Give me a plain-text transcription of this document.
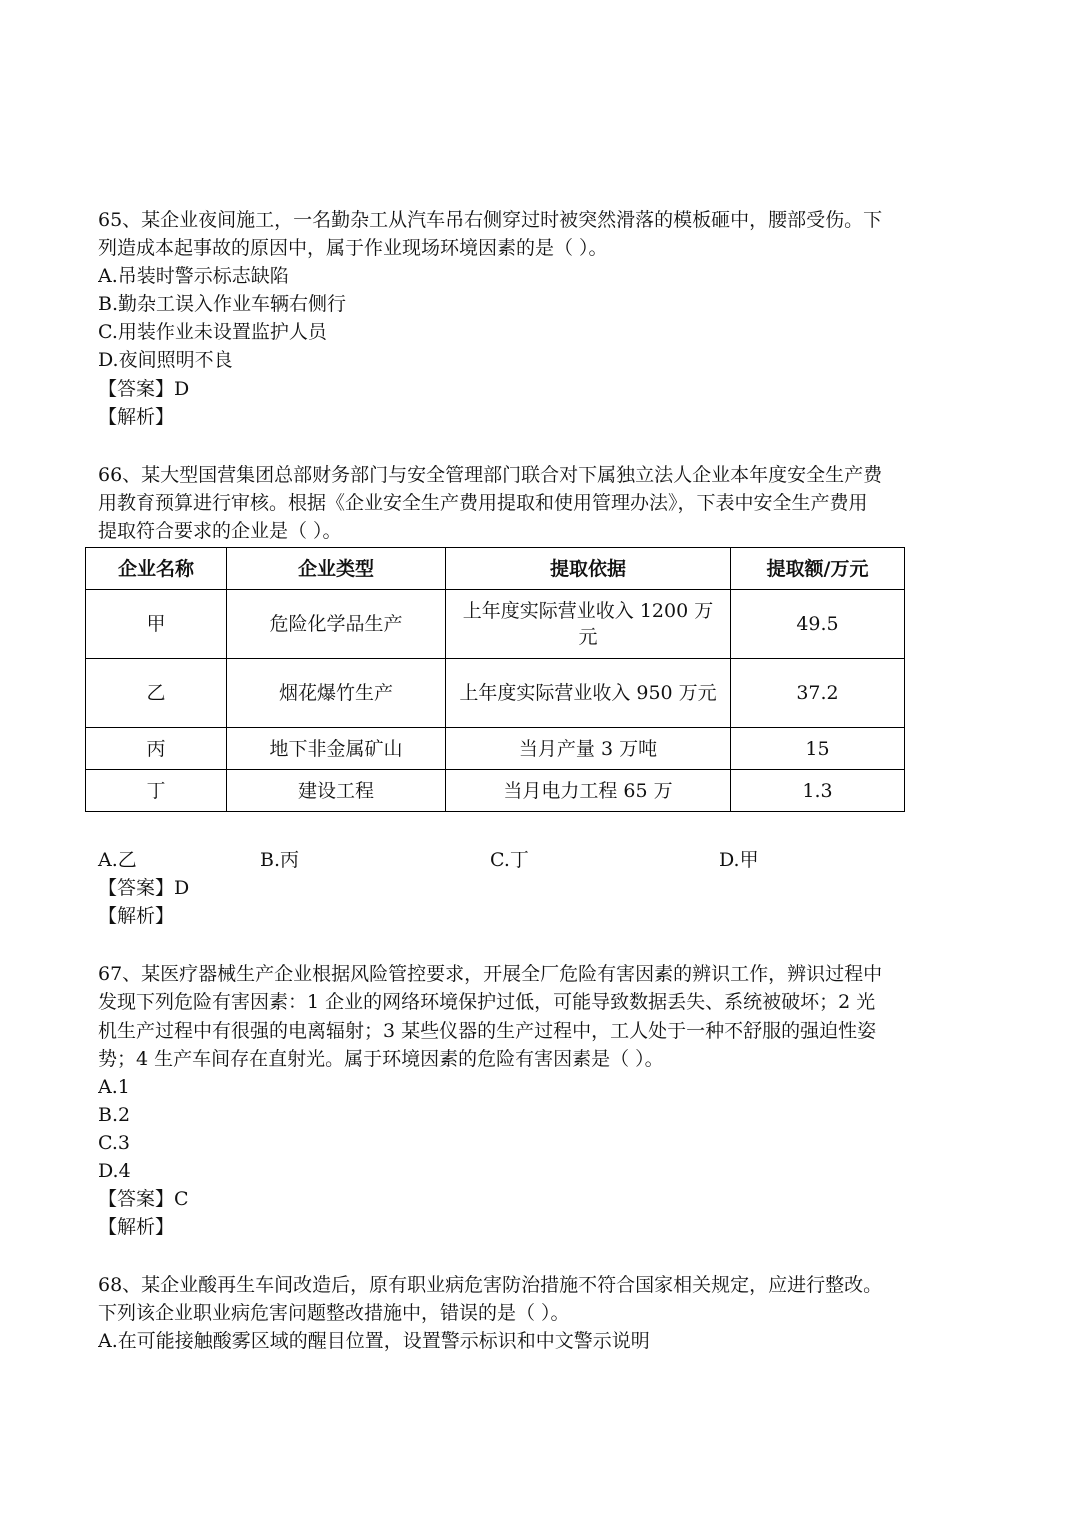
65、某企业夜间施工，一名勤杂工从汽车吊右侧穿过时被突然滑落的模板砸中，腰部受伤。下
列造成本起事故的原因中，属于作业现场环境因素的是（ ）。
A.吊装时警示标志缺陷
B.勤杂工误入作业车辆右侧行
C.用装作业未设置监护人员
D.夜间照明不良
【答案】D
【解析】
66、某大型国营集团总部财务部门与安全管理部门联合对下属独立法人企业本年度安全生产费
用教育预算进行审核。根据《企业安全生产费用提取和使用管理办法》，下表中安全生产费用
提取符合要求的企业是（ ）。
企业名称	企业类型	提取依据	提取额/万元
甲	危险化学品生产	上年度实际营业收入 1200 万元	49.5
乙	烟花爆竹生产	上年度实际营业收入 950 万元	37.2
丙	地下非金属矿山	当月产量 3 万吨	15
丁	建设工程	当月电力工程 65 万	1.3
A.乙	B.丙	C.丁	D.甲
【答案】D
【解析】
67、某医疗器械生产企业根据风险管控要求，开展全厂危险有害因素的辨识工作，辨识过程中
发现下列危险有害因素：1 企业的网络环境保护过低，可能导致数据丢失、系统被破坏；2 光
机生产过程中有很强的电离辐射；3 某些仪器的生产过程中，工人处于一种不舒服的强迫性姿
势；4 生产车间存在直射光。属于环境因素的危险有害因素是（ ）。
A.1
B.2
C.3
D.4
【答案】C
【解析】
68、某企业酸再生车间改造后，原有职业病危害防治措施不符合国家相关规定，应进行整改。
下列该企业职业病危害问题整改措施中，错误的是（ ）。
A.在可能接触酸雾区域的醒目位置，设置警示标识和中文警示说明
